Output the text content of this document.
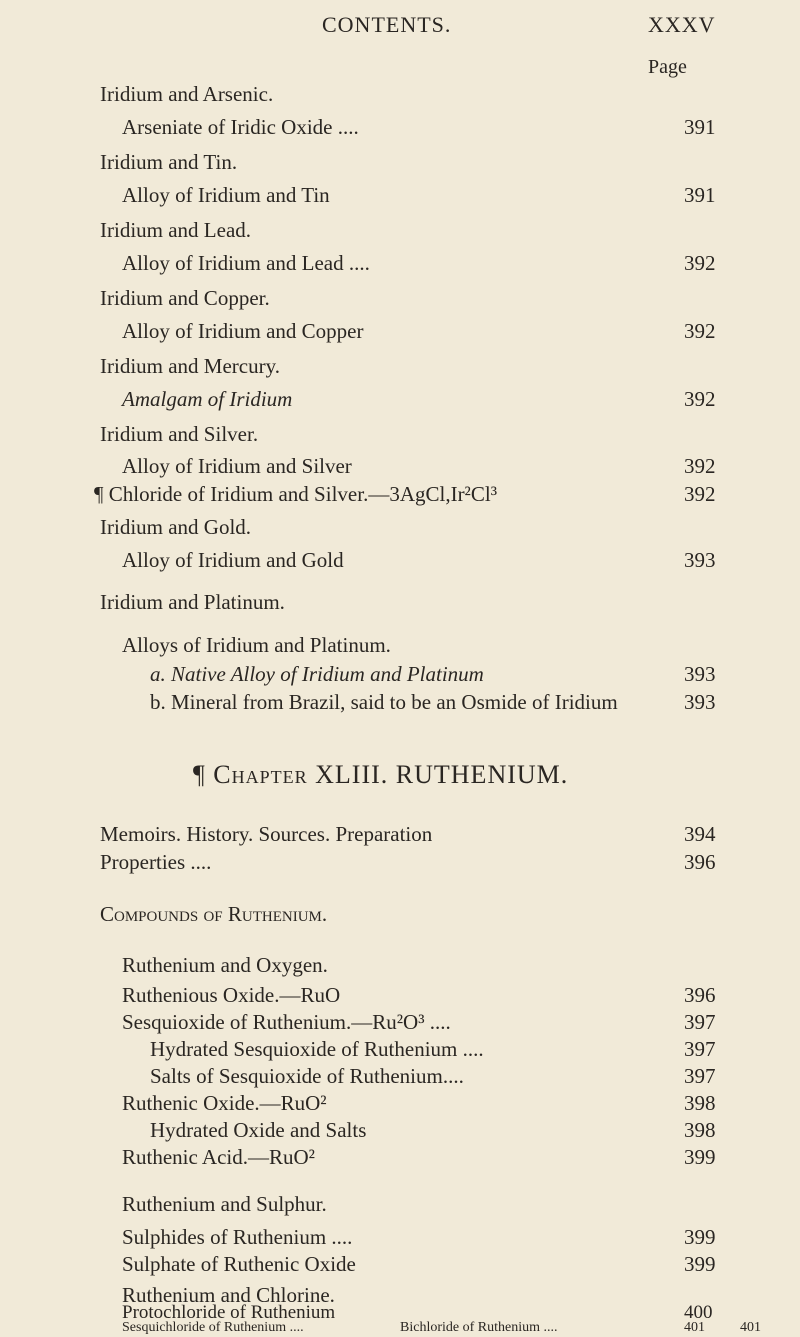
CONTENTS.	XXXV
Page
Iridium and Arsenic.
Arseniate of Iridic Oxide ....	391
Iridium and Tin.
Alloy of Iridium and Tin	391
Iridium and Lead.
Alloy of Iridium and Lead ....	392
Iridium and Copper.
Alloy of Iridium and Copper	392
Iridium and Mercury.
Amalgam of Iridium	392
Iridium and Silver.
Alloy of Iridium and Silver	392
¶ Chloride of Iridium and Silver.—3AgCl,Ir²Cl³	392
Iridium and Gold.
Alloy of Iridium and Gold	393
Iridium and Platinum.
Alloys of Iridium and Platinum.
a. Native Alloy of Iridium and Platinum	393
b. Mineral from Brazil, said to be an Osmide of Iridium	393
¶ Chapter XLIII. RUTHENIUM.
Memoirs. History. Sources. Preparation	394
Properties ....	396
Compounds of Ruthenium.
Ruthenium and Oxygen.
Ruthenious Oxide.—RuO	396
Sesquioxide of Ruthenium.—Ru²O³ ....	397
Hydrated Sesquioxide of Ruthenium ....	397
Salts of Sesquioxide of Ruthenium....	397
Ruthenic Oxide.—RuO²	398
Hydrated Oxide and Salts	398
Ruthenic Acid.—RuO²	399
Ruthenium and Sulphur.
Sulphides of Ruthenium ....	399
Sulphate of Ruthenic Oxide	399
Ruthenium and Chlorine.
Protochloride of Ruthenium	400
Sesquichloride of Ruthenium ....	401
Bichloride of Ruthenium ....	401
